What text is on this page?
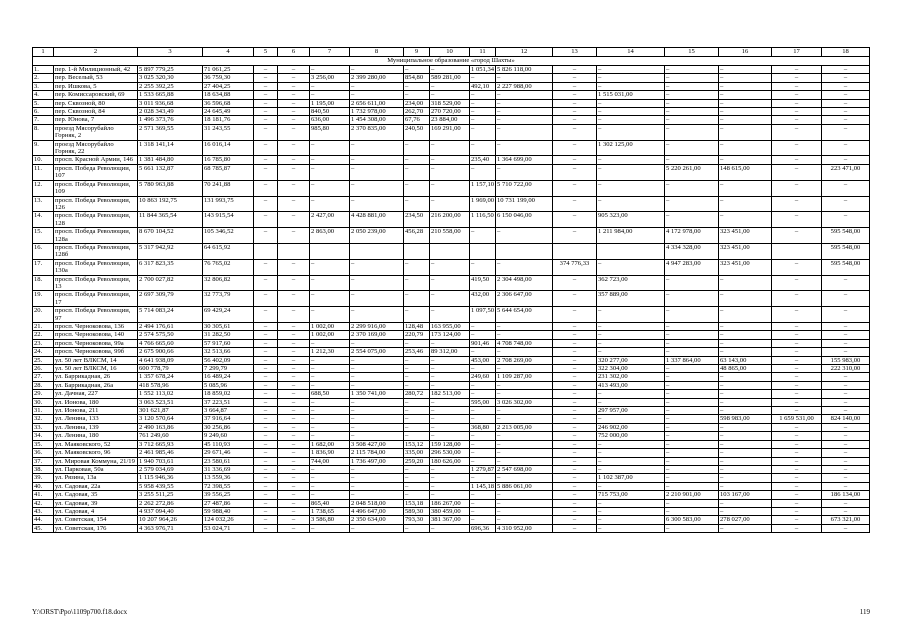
1	2	3	4	5	6	7	8	9	10	11	12	13	14	15	16	17	18
Муниципальное образование «город Шахты»																	
1.	пер. 1-й Милиционный, 42	5 897 779,25	71 061,25	–	–	–	–	–	–	1 051,34	5 826 118,00	–	–	–	–	–	–
2.	пер. Веселый, 53	3 025 320,30	36 759,30	–	–	3 256,00	2 399 280,00	854,80	589 281,00	–	–	–	–	–	–	–	–
3.	пер. Ишкова, 5	2 255 392,25	27 404,25	–	–	–	–	–	–	492,10	2 227 988,00	–	–	–	–	–	–
4.	пер. Комиссаровский, 69	1 533 665,88	18 634,88	–	–	–	–	–	–	–	–	–	1 515 031,00	–	–	–	–
5.	пер. Сквозной, 80	3 011 936,68	36 596,68	–	–	1 195,00	2 656 611,00	234,00	318 529,00	–	–	–	–	–	–	–	–
6.	пер. Сквозной, 84	2 028 343,49	24 645,49	–	–	840,50	1 732 978,00	262,70	270 720,00	–	–	–	–	–	–	–	–
7.	пер. Юнова, 7	1 496 373,76	18 181,76	–	–	636,00	1 454 308,00	67,76	23 884,00	–	–	–	–	–	–	–	–
8.	проезд Мясорубайло Горняк, 2	2 571 369,55	31 243,55	–	–	985,80	2 370 835,00	240,50	169 291,00	–	–	–	–	–	–	–	–
9.	проезд Мясорубайло Горняк, 22	1 318 141,14	16 016,14	–	–	–	–	–	–	–	–	–	1 302 125,00	–	–	–	–
10.	просп. Красной Армии, 146	1 381 484,80	16 785,80	–	–	–	–	–	–	235,40	1 364 699,00	–	–	–	–	–	–
11.	просп. Победа Революции, 107	5 661 132,87	68 785,87	–	–	–	–	–	–	–	–	–	–	5 220 261,00	148 615,00	–	223 471,00
12.	просп. Победа Революции, 109	5 780 963,88	70 241,88	–	–	–	–	–	–	1 157,10	5 710 722,00	–	–	–	–	–	–
13.	просп. Победа Революции, 126	10 863 192,75	131 993,75	–	–	–	–	–	–	1 969,00	10 731 199,00	–	–	–	–	–	–
14.	просп. Победа Революции, 128	11 844 365,54	143 915,54	–	–	2 427,00	4 428 881,00	234,50	216 200,00	1 116,50	6 150 046,00	–	905 323,00	–	–	–	–
15.	просп. Победа Революции, 128а	8 670 104,52	105 346,52	–	–	2 863,00	2 050 239,00	456,28	210 558,00	–	–	–	1 211 984,00	4 172 978,00	323 451,00	–	595 548,00
16.	просп. Победа Революции, 128б	5 317 942,92	64 615,92											4 334 328,00	323 451,00		595 548,00
17.	просп. Победа Революции, 130а	6 317 823,35	76 765,02	–	–	–	–	–	–	–	–	374 776,33	–	4 947 283,00	323 451,00	–	595 548,00
18.	просп. Победа Революции, 13	2 700 027,82	32 806,82	–	–	–	–	–	–	419,50	2 304 498,00	–	362 723,00	–	–	–	–
19.	просп. Победа Революции, 17	2 697 309,79	32 773,79	–	–	–	–	–	–	432,00	2 306 647,00	–	357 889,00	–	–	–	–
20.	просп. Победа Революции, 97	5 714 083,24	69 429,24	–	–	–	–	–	–	1 097,50	5 644 654,00	–	–	–	–	–	–
21.	просп. Черноковова, 136	2 494 176,61	30 305,61	–	–	1 002,00	2 299 916,00	128,48	163 955,00	–	–	–	–	–	–	–	–
22.	просп. Черноковова, 140	2 574 575,50	31 282,50	–	–	1 002,00	2 370 169,00	220,79	173 124,00	–	–	–	–	–	–	–	–
23.	просп. Черноковова, 99а	4 766 665,60	57 917,60	–	–	–	–	–	–	901,46	4 708 748,00	–	–	–	–	–	–
24.	просп. Черноковова, 99б	2 675 900,66	32 513,66	–	–	1 212,30	2 554 075,00	253,46	89 312,00	–	–	–	–	–	–	–	–
25.	ул. 50 лет ВЛКСМ, 14	4 641 938,09	56 402,09	–	–	–	–	–	–	453,00	2 708 269,00	–	320 277,00	1 337 864,00	63 143,00	–	155 983,00
26.	ул. 50 лет ВЛКСМ, 16	600 778,79	7 299,79	–	–	–	–	–	–	–	–	–	322 304,00	–	48 865,00	–	222 310,00
27.	ул. Баррикадная, 26	1 357 678,24	16 489,24	–	–	–	–	–	–	249,60	1 109 287,00	–	231 302,00	–	–	–	–
28.	ул. Баррикадная, 26а	418 578,96	5 085,96	–	–	–	–	–	–	–	–	–	413 493,00	–	–	–	–
29.	ул. Дачная, 227	1 552 113,02	18 859,02	–	–	688,50	1 350 741,00	280,72	182 513,00	–	–	–	–	–	–	–	–
30.	ул. Ионова, 180	3 063 523,51	37 223,51	–	–	–	–	–	–	595,00	3 026 302,00	–	–	–	–	–	–
31.	ул. Ионова, 211	301 621,87	3 664,87	–	–	–	–	–	–	–	–	–	297 957,00	–	–	–	–
32.	ул. Ленина, 133	3 120 570,64	37 916,64	–	–	–	–	–	–	–	–	–	–	–	598 983,00	1 659 531,00	824 140,00
33.	ул. Ленина, 139	2 490 163,86	30 256,86	–	–	–	–	–	–	368,80	2 213 005,00	–	246 902,00	–	–	–	–
34.	ул. Ленина, 180	761 249,60	9 249,60	–	–	–	–	–	–	–	–	–	752 000,00	–	–	–	–
35.	ул. Маяковского, 52	3 712 665,93	45 110,93	–	–	1 682,00	3 508 427,00	153,12	159 128,00	–	–	–	–	–	–	–	–
36.	ул. Маяковского, 96	2 461 985,46	29 671,46	–	–	1 836,90	2 115 784,00	335,00	296 530,00	–	–	–	–	–	–	–	–
37.	ул. Мировая Коммуна, 21/19	1 940 703,61	23 580,61	–	–	744,00	1 736 497,00	259,20	180 626,00	–	–	–	–	–	–	–	–
38.	ул. Парковая, 50а	2 579 034,69	31 336,69	–	–	–	–	–	–	1 279,87	2 547 698,00	–	–	–	–	–	–
39.	ул. Рязина, 13а	1 115 946,36	13 559,36	–	–	–	–	–	–	–	–	–	1 102 387,00	–	–	–	–
40.	ул. Садовая, 22а	5 958 439,55	72 398,55	–	–	–	–	–	–	1 145,18	5 886 061,00	–	–	–	–	–	–
41.	ул. Садовая, 35	3 255 511,25	39 556,25	–	–	–	–	–	–	–	–	–	715 753,00	2 210 901,00	103 167,00	–	186 134,00
42.	ул. Садовая, 39	2 262 272,86	27 487,86	–	–	865,40	2 048 518,00	153,18	186 267,00	–	–	–	–	–	–	–	–
43.	ул. Садовая, 4	4 937 094,40	59 988,40	–	–	1 738,65	4 496 647,00	589,30	380 459,00	–	–	–	–	–	–	–	–
44.	ул. Советская, 154	10 207 964,26	124 032,26	–	–	3 586,80	2 350 634,00	793,30	381 367,00	–	–	–	–	6 300 583,00	278 027,00	–	673 321,00
45.	ул. Советская, 176	4 363 976,71	53 024,71	–	–	–	–	–	–	696,36	4 310 952,00	–	–	–	–	–	–
Y:\ORST\Ppo\1109p700.f18.docx	119
